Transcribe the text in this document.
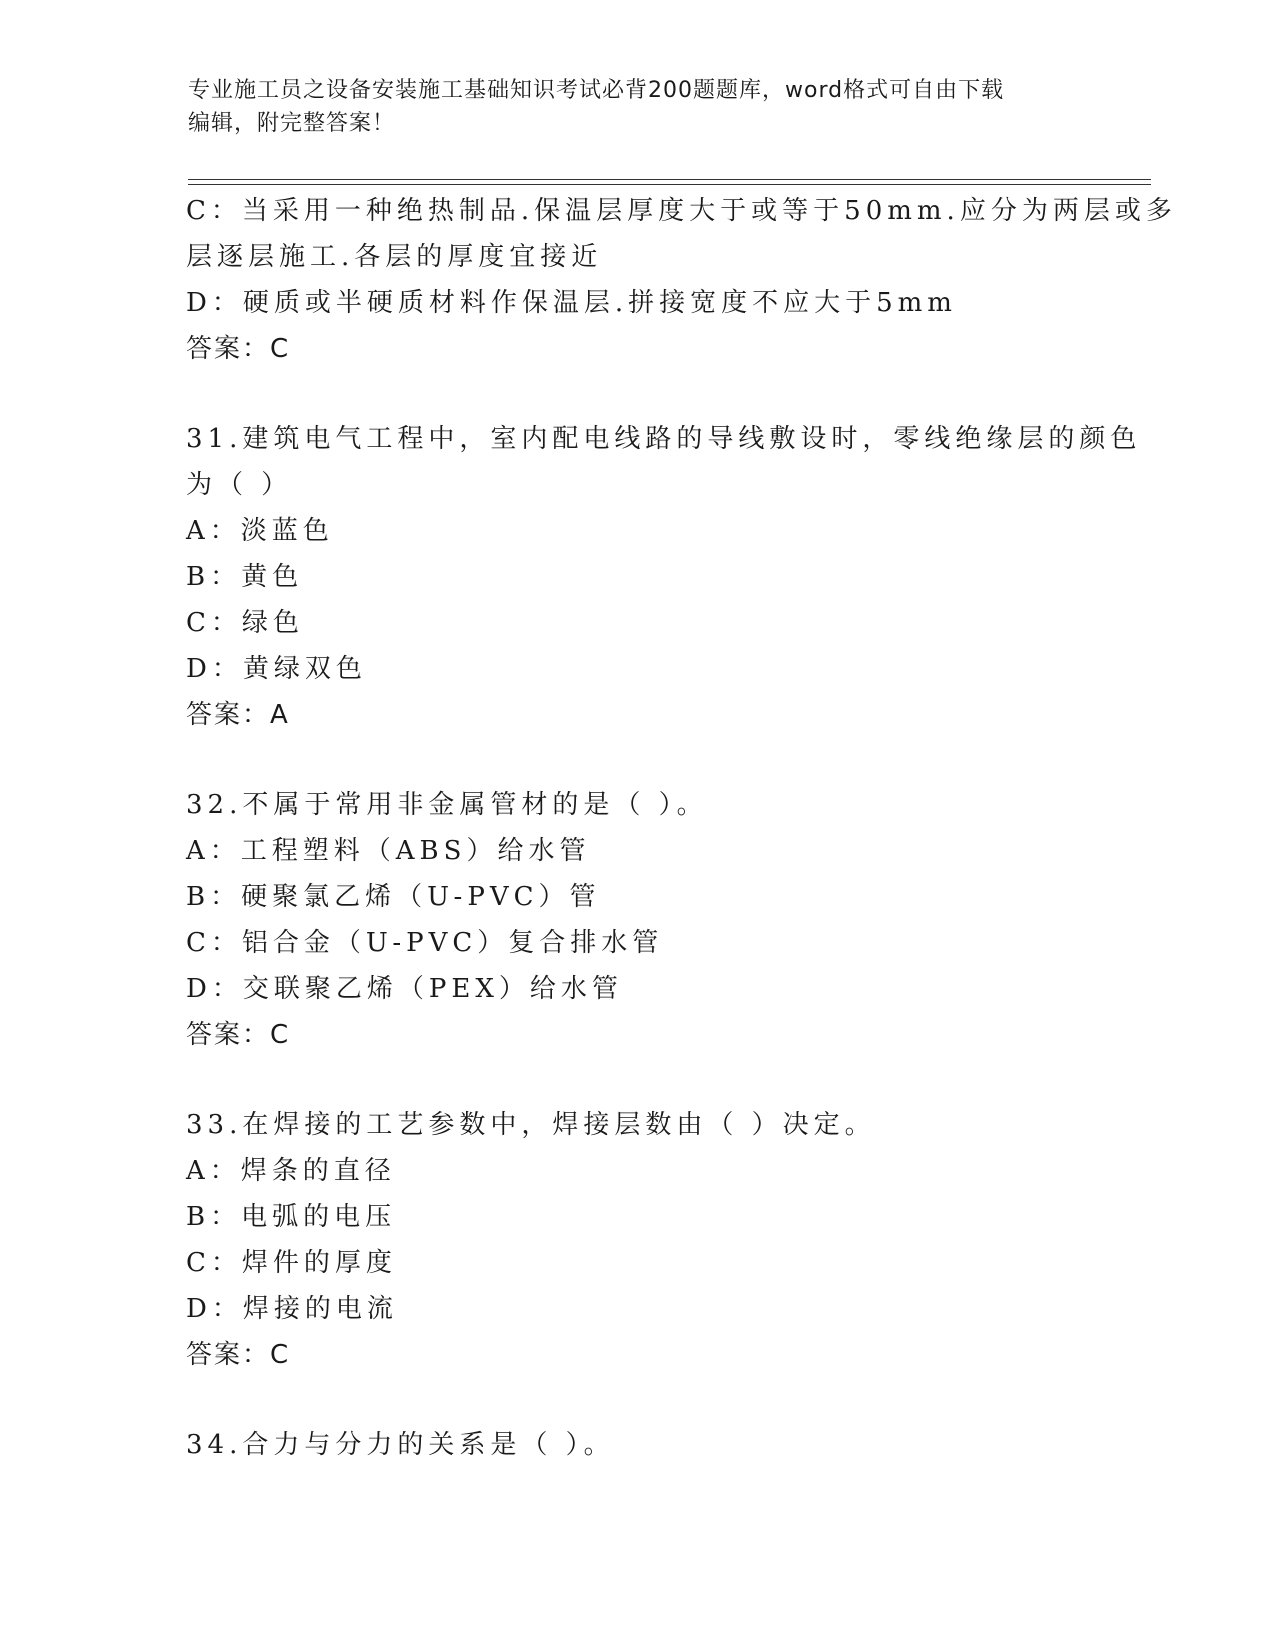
专业施工员之设备安装施工基础知识考试必背200题题库，word格式可自由下载
编辑，附完整答案！
C：当采用一种绝热制品.保温层厚度大于或等于50mm.应分为两层或多
层逐层施工.各层的厚度宜接近
D：硬质或半硬质材料作保温层.拼接宽度不应大于5mm
答案：C
31.建筑电气工程中，室内配电线路的导线敷设时，零线绝缘层的颜色
为（ ）
A：淡蓝色
B：黄色
C：绿色
D：黄绿双色
答案：A
32.不属于常用非金属管材的是（ ）。
A：工程塑料（ABS）给水管
B：硬聚氯乙烯（U-PVC）管
C：铝合金（U-PVC）复合排水管
D：交联聚乙烯（PEX）给水管
答案：C
33.在焊接的工艺参数中，焊接层数由（ ）决定。
A：焊条的直径
B：电弧的电压
C：焊件的厚度
D：焊接的电流
答案：C
34.合力与分力的关系是（ ）。
